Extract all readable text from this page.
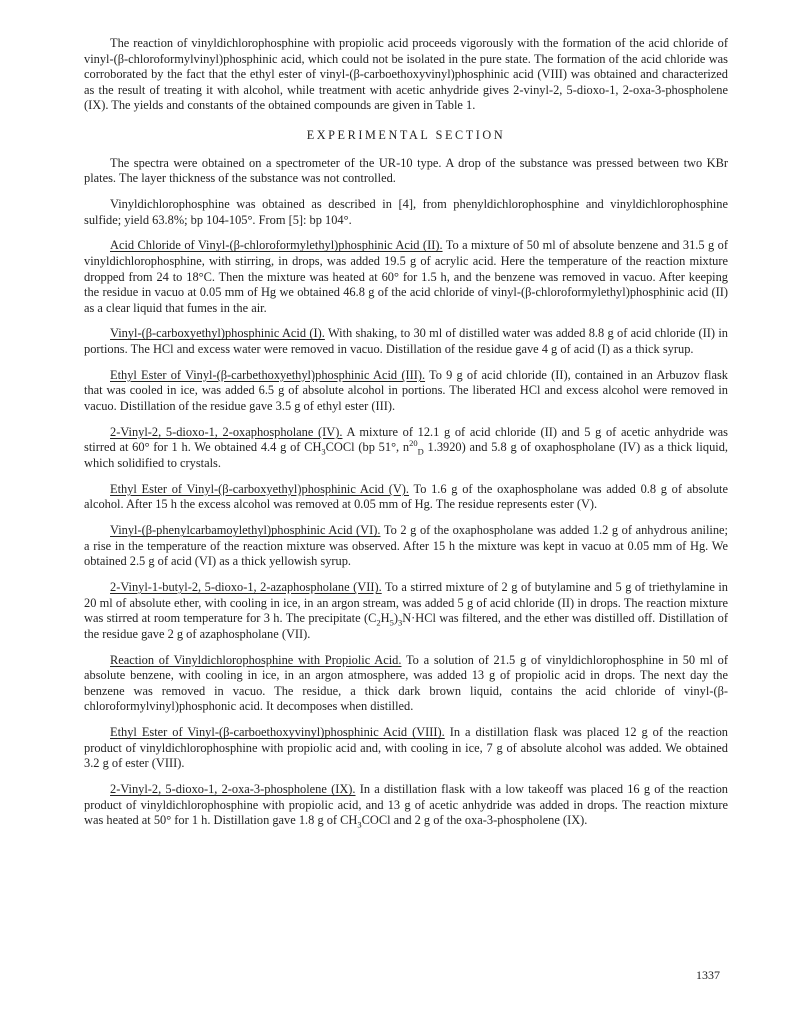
The reaction of vinyldichlorophosphine with propiolic acid proceeds vigorously with the formation of the acid chloride of vinyl-(β-chloroformylvinyl)phosphinic acid, which could not be isolated in the pure state. The formation of the acid chloride was corroborated by the fact that the ethyl ester of vinyl-(β-carboethoxyvinyl)phosphinic acid (VIII) was obtained and characterized as the result of treating it with alcohol, while treatment with acetic anhydride gives 2-vinyl-2, 5-dioxo-1, 2-oxa-3-phospholene (IX). The yields and constants of the obtained compounds are given in Table 1.

EXPERIMENTAL SECTION

The spectra were obtained on a spectrometer of the UR-10 type. A drop of the substance was pressed between two KBr plates. The layer thickness of the substance was not controlled.

Vinyldichlorophosphine was obtained as described in [4], from phenyldichlorophosphine and vinyldichlorophosphine sulfide; yield 63.8%; bp 104-105°. From [5]: bp 104°.

Acid Chloride of Vinyl-(β-chloroformylethyl)phosphinic Acid (II). To a mixture of 50 ml of absolute benzene and 31.5 g of vinyldichlorophosphine, with stirring, in drops, was added 19.5 g of acrylic acid. Here the temperature of the reaction mixture dropped from 24 to 18°C. Then the mixture was heated at 60° for 1.5 h, and the benzene was removed in vacuo. After keeping the residue in vacuo at 0.05 mm of Hg we obtained 46.8 g of the acid chloride of vinyl-(β-chloroformylethyl)phosphinic acid (II) as a clear liquid that fumes in the air.

Vinyl-(β-carboxyethyl)phosphinic Acid (I). With shaking, to 30 ml of distilled water was added 8.8 g of acid chloride (II) in portions. The HCl and excess water were removed in vacuo. Distillation of the residue gave 4 g of acid (I) as a thick syrup.

Ethyl Ester of Vinyl-(β-carbethoxyethyl)phosphinic Acid (III). To 9 g of acid chloride (II), contained in an Arbuzov flask that was cooled in ice, was added 6.5 g of absolute alcohol in portions. The liberated HCl and excess alcohol were removed in vacuo. Distillation of the residue gave 3.5 g of ethyl ester (III).

2-Vinyl-2, 5-dioxo-1, 2-oxaphospholane (IV). A mixture of 12.1 g of acid chloride (II) and 5 g of acetic anhydride was stirred at 60° for 1 h. We obtained 4.4 g of $CH_3COCl$ (bp 51°, $n^{20}_D$ 1.3920) and 5.8 g of oxaphospholane (IV) as a thick liquid, which solidified to crystals.

Ethyl Ester of Vinyl-(β-carboxyethyl)phosphinic Acid (V). To 1.6 g of the oxaphospholane was added 0.8 g of absolute alcohol. After 15 h the excess alcohol was removed at 0.05 mm of Hg. The residue represents ester (V).

Vinyl-(β-phenylcarbamoylethyl)phosphinic Acid (VI). To 2 g of the oxaphospholane was added 1.2 g of anhydrous aniline; a rise in the temperature of the reaction mixture was observed. After 15 h the mixture was kept in vacuo at 0.05 mm of Hg. We obtained 2.5 g of acid (VI) as a thick yellowish syrup.

2-Vinyl-1-butyl-2, 5-dioxo-1, 2-azaphospholane (VII). To a stirred mixture of 2 g of butylamine and 5 g of triethylamine in 20 ml of absolute ether, with cooling in ice, in an argon stream, was added 5 g of acid chloride (II) in drops. The reaction mixture was stirred at room temperature for 3 h. The precipitate $(C_2H_5)_3N\cdot HCl$ was filtered, and the ether was distilled off. Distillation of the residue gave 2 g of azaphospholane (VII).

Reaction of Vinyldichlorophosphine with Propiolic Acid. To a solution of 21.5 g of vinyldichlorophosphine in 50 ml of absolute benzene, with cooling in ice, in an argon atmosphere, was added 13 g of propiolic acid in drops. The next day the benzene was removed in vacuo. The residue, a thick dark brown liquid, contains the acid chloride of vinyl-(β-chloroformylvinyl)phosphonic acid. It decomposes when distilled.

Ethyl Ester of Vinyl-(β-carboethoxyvinyl)phosphinic Acid (VIII). In a distillation flask was placed 12 g of the reaction product of vinyldichlorophosphine with propiolic acid and, with cooling in ice, 7 g of absolute alcohol was added. We obtained 3.2 g of ester (VIII).

2-Vinyl-2, 5-dioxo-1, 2-oxa-3-phospholene (IX). In a distillation flask with a low takeoff was placed 16 g of the reaction product of vinyldichlorophosphine with propiolic acid, and 13 g of acetic anhydride was added in drops. The reaction mixture was heated at 50° for 1 h. Distillation gave 1.8 g of $CH_3COCl$ and 2 g of the oxa-3-phospholene (IX).

1337
